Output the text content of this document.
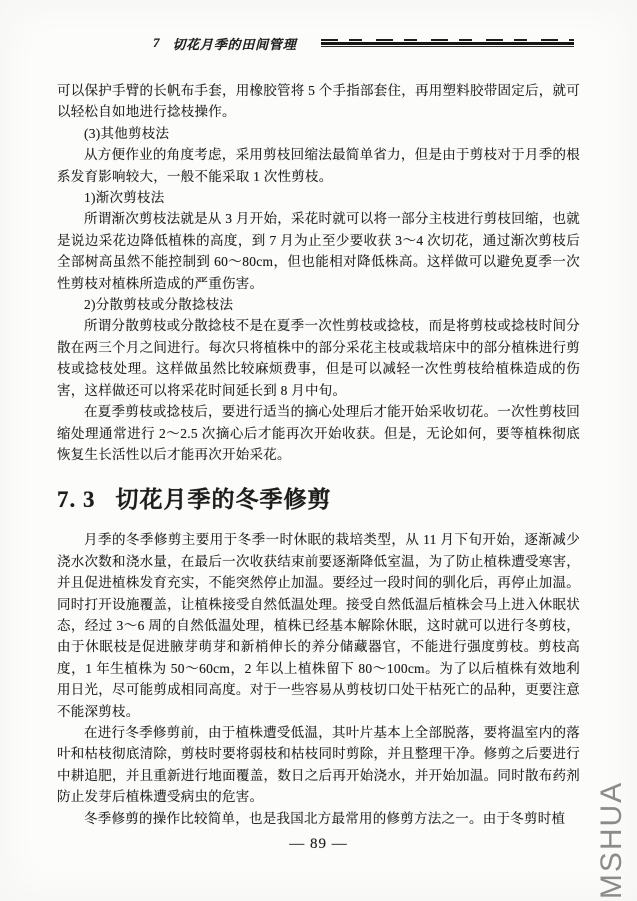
7 切花月季的田间管理

可以保护手臂的长帆布手套，用橡胶管将 5 个手指部套住，再用塑料胶带固定后，就可以轻松自如地进行捻枝操作。

(3)其他剪枝法

从方便作业的角度考虑，采用剪枝回缩法最简单省力，但是由于剪枝对于月季的根系发育影响较大，一般不能采取 1 次性剪枝。

1)渐次剪枝法

所谓渐次剪枝法就是从 3 月开始，采花时就可以将一部分主枝进行剪枝回缩，也就是说边采花边降低植株的高度，到 7 月为止至少要收获 3～4 次切花，通过渐次剪枝后全部树高虽然不能控制到 60～80cm，但也能相对降低株高。这样做可以避免夏季一次性剪枝对植株所造成的严重伤害。

2)分散剪枝或分散捻枝法

所谓分散剪枝或分散捻枝不是在夏季一次性剪枝或捻枝，而是将剪枝或捻枝时间分散在两三个月之间进行。每次只将植株中的部分采花主枝或栽培床中的部分植株进行剪枝或捻枝处理。这样做虽然比较麻烦费事，但是可以减轻一次性剪枝给植株造成的伤害，这样做还可以将采花时间延长到 8 月中旬。

在夏季剪枝或捻枝后，要进行适当的摘心处理后才能开始采收切花。一次性剪枝回缩处理通常进行 2～2.5 次摘心后才能再次开始收获。但是，无论如何，要等植株彻底恢复生长活性以后才能再次开始采花。

7. 3 切花月季的冬季修剪

月季的冬季修剪主要用于冬季一时休眠的栽培类型，从 11 月下旬开始，逐渐减少浇水次数和浇水量，在最后一次收获结束前要逐渐降低室温，为了防止植株遭受寒害，并且促进植株发育充实，不能突然停止加温。要经过一段时间的驯化后，再停止加温。同时打开设施覆盖，让植株接受自然低温处理。接受自然低温后植株会马上进入休眠状态，经过 3～6 周的自然低温处理，植株已经基本解除休眠，这时就可以进行冬剪枝，由于休眠枝是促进腋芽萌芽和新梢伸长的养分储藏器官，不能进行强度剪枝。剪枝高度，1 年生植株为 50～60cm，2 年以上植株留下 80～100cm。为了以后植株有效地利用日光，尽可能剪成相同高度。对于一些容易从剪枝切口处干枯死亡的品种，更要注意不能深剪枝。

在进行冬季修剪前，由于植株遭受低温，其叶片基本上全部脱落，要将温室内的落叶和枯枝彻底清除，剪枝时要将弱枝和枯枝同时剪除，并且整理干净。修剪之后要进行中耕追肥，并且重新进行地面覆盖，数日之后再开始浇水，并开始加温。同时散布药剂防止发芽后植株遭受病虫的危害。

冬季修剪的操作比较简单，也是我国北方最常用的修剪方法之一。由于冬剪时植

— 89 —	MSHUA
